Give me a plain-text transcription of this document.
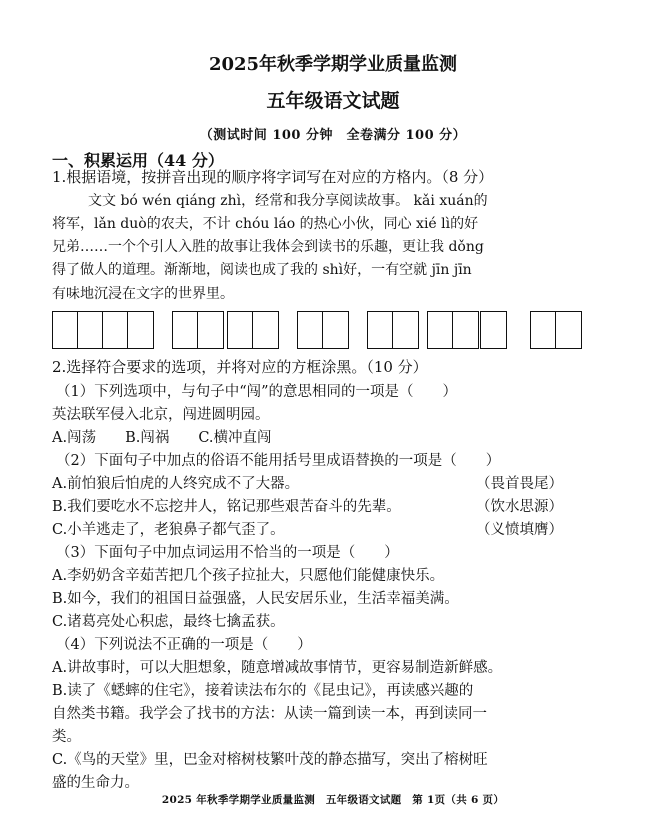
2025年秋季学期学业质量监测
五年级语文试题
（测试时间 100 分钟　全卷满分 100 分）
一、积累运用（44 分）
1.根据语境，按拼音出现的顺序将字词写在对应的方格内。（8 分）
文文 bó wén qiáng zhì，经常和我分享阅读故事。 kǎi xuán的
将军，lǎn duò的农夫，不计 chóu láo 的热心小伙，同心 xié lì的好
兄弟……一个个引人入胜的故事让我体会到读书的乐趣，更让我 dǒng
得了做人的道理。渐渐地，阅读也成了我的 shì好，一有空就 jīn jīn
有味地沉浸在文字的世界里。
2.选择符合要求的选项，并将对应的方框涂黑。（10 分）
（1）下列选项中，与句子中“闯”的意思相同的一项是（　　）
英法联军侵入北京，闯进圆明园。
A.闯荡　　B.闯祸　　C.横冲直闯
（2）下面句子中加点的俗语不能用括号里成语替换的一项是（　　）
A.前怕狼后怕虎的人终究成不了大器。	（畏首畏尾）
B.我们要吃水不忘挖井人，铭记那些艰苦奋斗的先辈。	（饮水思源）
C.小羊逃走了，老狼鼻子都气歪了。	（义愤填膺）
（3）下面句子中加点词运用不恰当的一项是（　　）
A.李奶奶含辛茹苦把几个孩子拉扯大，只愿他们能健康快乐。
B.如今，我们的祖国日益强盛，人民安居乐业，生活幸福美满。
C.诸葛亮处心积虑，最终七擒孟获。
（4）下列说法不正确的一项是（　　）
A.讲故事时，可以大胆想象，随意增减故事情节，更容易制造新鲜感。
B.读了《蟋蟀的住宅》，接着读法布尔的《昆虫记》，再读感兴趣的
自然类书籍。我学会了找书的方法：从读一篇到读一本，再到读同一
类。
C.《鸟的天堂》里，巴金对榕树枝繁叶茂的静态描写，突出了榕树旺
盛的生命力。
2025 年秋季学期学业质量监测　五年级语文试题　第 1页（共 6 页）
